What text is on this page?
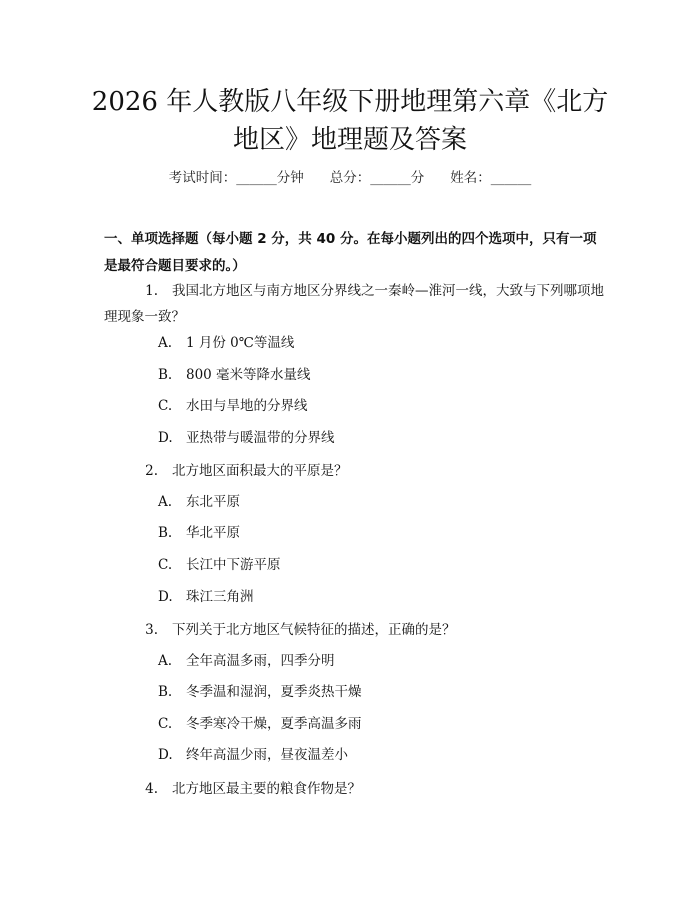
2026 年人教版八年级下册地理第六章《北方
地区》地理题及答案
考试时间：______分钟 总分：______分 姓名：______
一、单项选择题（每小题 2 分，共 40 分。在每小题列出的四个选项中，只有一项
是最符合题目要求的。）
1. 我国北方地区与南方地区分界线之一秦岭—淮河一线，大致与下列哪项地
理现象一致？
A. 1 月份 0℃等温线
B. 800 毫米等降水量线
C. 水田与旱地的分界线
D. 亚热带与暖温带的分界线
2. 北方地区面积最大的平原是？
A. 东北平原
B. 华北平原
C. 长江中下游平原
D. 珠江三角洲
3. 下列关于北方地区气候特征的描述，正确的是？
A. 全年高温多雨，四季分明
B. 冬季温和湿润，夏季炎热干燥
C. 冬季寒冷干燥，夏季高温多雨
D. 终年高温少雨，昼夜温差小
4. 北方地区最主要的粮食作物是？
